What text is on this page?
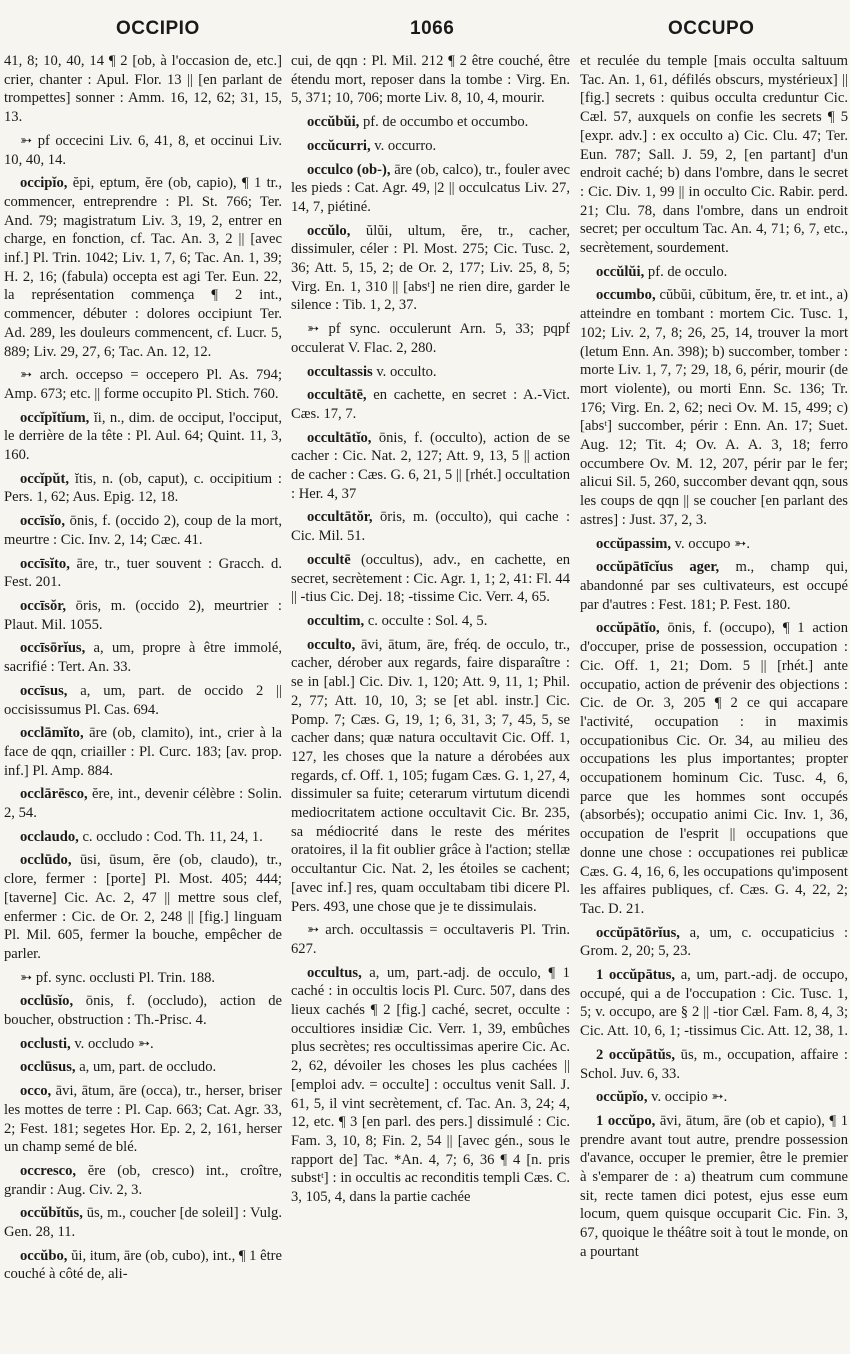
OCCIPIO	1066	OCCUPO
41, 8; 10, 40, 14 ¶ 2 [ob, à l'occasion de, etc.] crier, chanter : Apul. Flor. 13 || [en parlant de trompettes] sonner : Amm. 16, 12, 62; 31, 15, 13.
➳ pf occecini Liv. 6, 41, 8, et occinui Liv. 10, 40, 14.
occipĭo, ĕpi, eptum, ĕre (ob, capio), ¶ 1 tr., commencer, entreprendre : Pl. St. 766; Ter. And. 79; magistratum Liv. 3, 19, 2, entrer en charge, en fonction, cf. Tac. An. 3, 2 || [avec inf.] Pl. Trin. 1042; Liv. 1, 7, 6; Tac. An. 1, 39; H. 2, 16; (fabula) occepta est agi Ter. Eun. 22, la représentation commença ¶ 2 int., commencer, débuter : dolores occipiunt Ter. Ad. 289, les douleurs commencent, cf. Lucr. 5, 889; Liv. 29, 27, 6; Tac. An. 12, 12.
➳ arch. occepso = occepero Pl. As. 794; Amp. 673; etc. || forme occupito Pl. Stich. 760.
occĭpĭtĭum, ĭi, n., dim. de occiput, l'occiput, le derrière de la tête : Pl. Aul. 64; Quint. 11, 3, 160.
occĭpŭt, ĭtis, n. (ob, caput), c. occipitium : Pers. 1, 62; Aus. Epig. 12, 18.
occīsĭo, ōnis, f. (occido 2), coup de la mort, meurtre : Cic. Inv. 2, 14; Cæc. 41.
occīsĭto, āre, tr., tuer souvent : Gracch. d. Fest. 201.
occīsŏr, ōris, m. (occido 2), meurtrier : Plaut. Mil. 1055.
occīsōrĭus, a, um, propre à être immolé, sacrifié : Tert. An. 33.
occīsus, a, um, part. de occido 2 || occisissumus Pl. Cas. 694.
occlāmĭto, āre (ob, clamito), int., crier à la face de qqn, criailler : Pl. Curc. 183; [av. prop. inf.] Pl. Amp. 884.
occlārēsco, ĕre, int., devenir célèbre : Solin. 2, 54.
occlaudo, c. occludo : Cod. Th. 11, 24, 1.
occlūdo, ūsi, ūsum, ĕre (ob, claudo), tr., clore, fermer : [porte] Pl. Most. 405; 444; [taverne] Cic. Ac. 2, 47 || mettre sous clef, enfermer : Cic. de Or. 2, 248 || [fig.] linguam Pl. Mil. 605, fermer la bouche, empêcher de parler.
➳ pf. sync. occlusti Pl. Trin. 188.
occlūsĭo, ōnis, f. (occludo), action de boucher, obstruction : Th.-Prisc. 4.
occlusti, v. occludo ➳.
occlūsus, a, um, part. de occludo.
occo, āvi, ātum, āre (occa), tr., herser, briser les mottes de terre : Pl. Cap. 663; Cat. Agr. 33, 2; Fest. 181; segetes Hor. Ep. 2, 2, 161, herser un champ semé de blé.
occresco, ĕre (ob, cresco) int., croître, grandir : Aug. Civ. 2, 3.
occŭbĭtŭs, ūs, m., coucher [de soleil] : Vulg. Gen. 28, 11.
occŭbo, ŭi, itum, āre (ob, cubo), int., ¶ 1 être couché à côté de, ali-
cui, de qqn : Pl. Mil. 212 ¶ 2 être couché, être étendu mort, reposer dans la tombe : Virg. En. 5, 371; 10, 706; morte Liv. 8, 10, 4, mourir.
occŭbŭi, pf. de occumbo et occumbo.
occŭcurri, v. occurro.
occulco (ob-), āre (ob, calco), tr., fouler avec les pieds : Cat. Agr. 49, |2 || occulcatus Liv. 27, 14, 7, piétiné.
occŭlo, ŭlŭi, ultum, ĕre, tr., cacher, dissimuler, céler : Pl. Most. 275; Cic. Tusc. 2, 36; Att. 5, 15, 2; de Or. 2, 177; Liv. 25, 8, 5; Virg. En. 1, 310 || [absᵗ] ne rien dire, garder le silence : Tib. 1, 2, 37.
➳ pf sync. occulerunt Arn. 5, 33; pqpf occulerat V. Flac. 2, 280.
occultassis v. occulto.
occultātē, en cachette, en secret : A.-Vict. Cæs. 17, 7.
occultātĭo, ōnis, f. (occulto), action de se cacher : Cic. Nat. 2, 127; Att. 9, 13, 5 || action de cacher : Cæs. G. 6, 21, 5 || [rhét.] occultation : Her. 4, 37
occultātŏr, ōris, m. (occulto), qui cache : Cic. Mil. 51.
occultē (occultus), adv., en cachette, en secret, secrètement : Cic. Agr. 1, 1; 2, 41: Fl. 44 || -tius Cic. Dej. 18; -tissime Cic. Verr. 4, 65.
occultim, c. occulte : Sol. 4, 5.
occulto, āvi, ātum, āre, fréq. de occulo, tr., cacher, dérober aux regards, faire disparaître : se in [abl.] Cic. Div. 1, 120; Att. 9, 11, 1; Phil. 2, 77; Att. 10, 10, 3; se [et abl. instr.] Cic. Pomp. 7; Cæs. G, 19, 1; 6, 31, 3; 7, 45, 5, se cacher dans; quæ natura occultavit Cic. Off. 1, 127, les choses que la nature a dérobées aux regards, cf. Off. 1, 105; fugam Cæs. G. 1, 27, 4, dissimuler sa fuite; ceterarum virtutum dicendi mediocritatem actione occultavit Cic. Br. 235, sa médiocrité dans le reste des mérites oratoires, il la fit oublier grâce à l'action; stellæ occultantur Cic. Nat. 2, les étoiles se cachent; [avec inf.] res, quam occultabam tibi dicere Pl. Pers. 493, une chose que je te dissimulais.
➳ arch. occultassis = occultaveris Pl. Trin. 627.
occultus, a, um, part.-adj. de occulo, ¶ 1 caché : in occultis locis Pl. Curc. 507, dans des lieux cachés ¶ 2 [fig.] caché, secret, occulte : occultiores insidiæ Cic. Verr. 1, 39, embûches plus secrètes; res occultissimas aperire Cic. Ac. 2, 62, dévoiler les choses les plus cachées || [emploi adv. = occulte] : occultus venit Sall. J. 61, 5, il vint secrètement, cf. Tac. An. 3, 24; 4, 12, etc. ¶ 3 [en parl. des pers.] dissimulé : Cic. Fam. 3, 10, 8; Fin. 2, 54 || [avec gén., sous le rapport de] Tac. *An. 4, 7; 6, 36 ¶ 4 [n. pris substᵗ] : in occultis ac reconditis templi Cæs. C. 3, 105, 4, dans la partie cachée
et reculée du temple [mais occulta saltuum Tac. An. 1, 61, défilés obscurs, mystérieux] || [fig.] secrets : quibus occulta creduntur Cic. Cæl. 57, auxquels on confie les secrets ¶ 5 [expr. adv.] : ex occulto a) Cic. Clu. 47; Ter. Eun. 787; Sall. J. 59, 2, [en partant] d'un endroit caché; b) dans l'ombre, dans le secret : Cic. Div. 1, 99 || in occulto Cic. Rabir. perd. 21; Clu. 78, dans l'ombre, dans un endroit secret; per occultum Tac. An. 4, 71; 6, 7, etc., secrètement, sourdement.
occŭlŭi, pf. de occulo.
occumbo, cŭbŭi, cŭbitum, ĕre, tr. et int., a) atteindre en tombant : mortem Cic. Tusc. 1, 102; Liv. 2, 7, 8; 26, 25, 14, trouver la mort (letum Enn. An. 398); b) succomber, tomber : morte Liv. 1, 7, 7; 29, 18, 6, périr, mourir (de mort violente), ou morti Enn. Sc. 136; Tr. 176; Virg. En. 2, 62; neci Ov. M. 15, 499; c) [absᵗ] succomber, périr : Enn. An. 17; Suet. Aug. 12; Tit. 4; Ov. A. A. 3, 18; ferro occumbere Ov. M. 12, 207, périr par le fer; alicui Sil. 5, 260, succomber devant qqn, sous les coups de qqn || se coucher [en parlant des astres] : Just. 37, 2, 3.
occŭpassim, v. occupo ➳.
occŭpātīcĭus ager, m., champ qui, abandonné par ses cultivateurs, est occupé par d'autres : Fest. 181; P. Fest. 180.
occŭpātĭo, ōnis, f. (occupo), ¶ 1 action d'occuper, prise de possession, occupation : Cic. Off. 1, 21; Dom. 5 || [rhét.] ante occupatio, action de prévenir des objections : Cic. de Or. 3, 205 ¶ 2 ce qui accapare l'activité, occupation : in maximis occupationibus Cic. Or. 34, au milieu des occupations les plus importantes; propter occupationem hominum Cic. Tusc. 4, 6, parce que les hommes sont occupés (absorbés); occupatio animi Cic. Inv. 1, 36, occupation de l'esprit || occupations que donne une chose : occupationes rei publicæ Cæs. G. 4, 16, 6, les occupations qu'imposent les affaires publiques, cf. Cæs. G. 4, 22, 2; Tac. D. 21.
occŭpātōrĭus, a, um, c. occupaticius : Grom. 2, 20; 5, 23.
1 occŭpātus, a, um, part.-adj. de occupo, occupé, qui a de l'occupation : Cic. Tusc. 1, 5; v. occupo, are § 2 || -tior Cæl. Fam. 8, 4, 3; Cic. Att. 10, 6, 1; -tissimus Cic. Att. 12, 38, 1.
2 occŭpātŭs, ūs, m., occupation, affaire : Schol. Juv. 6, 33.
occŭpĭo, v. occipio ➳.
1 occŭpo, āvi, ātum, āre (ob et capio), ¶ 1 prendre avant tout autre, prendre possession d'avance, occuper le premier, être le premier à s'emparer de : a) theatrum cum commune sit, recte tamen dici potest, ejus esse eum locum, quem quisque occuparit Cic. Fin. 3, 67, quoique le théâtre soit à tout le monde, on a pourtant
